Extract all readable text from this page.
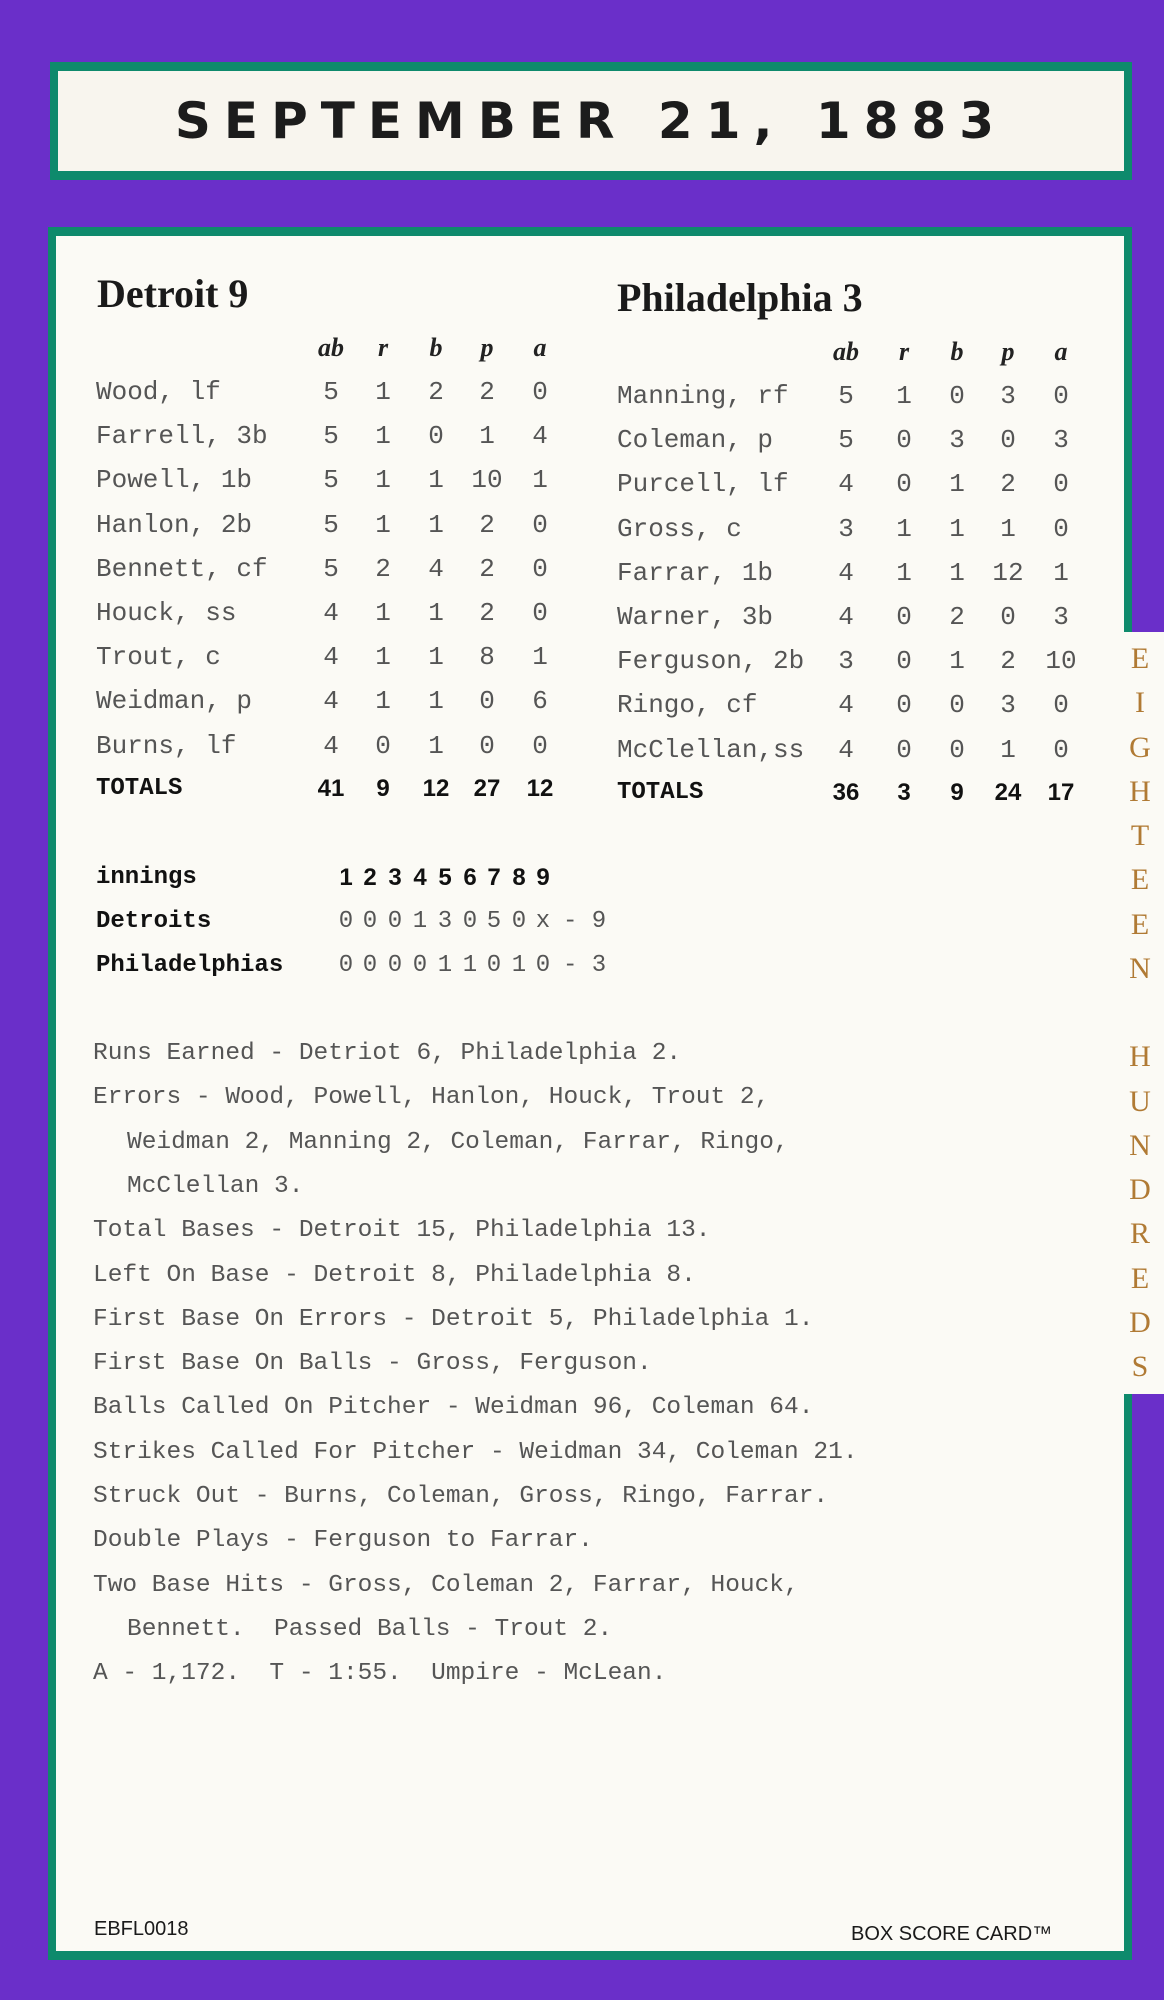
SEPTEMBER 21, 1883
E
I
G
H
T
E
E
N

H
U
N
D
R
E
D
S
Detroit 9	Philadelphia 3
ab	r	b	p	a
Wood, lf	5	1	2	2	0
Farrell, 3b	5	1	0	1	4
Powell, 1b	5	1	1	10	1
Hanlon, 2b	5	1	1	2	0
Bennett, cf	5	2	4	2	0
Houck, ss	4	1	1	2	0
Trout, c	4	1	1	8	1
Weidman, p	4	1	1	0	6
Burns, lf	4	0	1	0	0
TOTALS	41	9	12	27	12
ab	r	b	p	a
Manning, rf	5	1	0	3	0
Coleman, p	5	0	3	0	3
Purcell, lf	4	0	1	2	0
Gross, c	3	1	1	1	0
Farrar, 1b	4	1	1	12	1
Warner, 3b	4	0	2	0	3
Ferguson, 2b	3	0	1	2	10
Ringo, cf	4	0	0	3	0
McClellan,ss	4	0	0	1	0
TOTALS	36	3	9	24	17
innings	1 2 3 4 5 6 7 8 9
Detroits	0 0 0 1 3 0 5 0 x - 9
Philadelphias 0 0 0 0 1 1 0 1 0 - 3
Runs Earned - Detriot 6, Philadelphia 2.
Errors - Wood, Powell, Hanlon, Houck, Trout 2,
Weidman 2, Manning 2, Coleman, Farrar, Ringo,
McClellan 3.
Total Bases - Detroit 15, Philadelphia 13.
Left On Base - Detroit 8, Philadelphia 8.
First Base On Errors - Detroit 5, Philadelphia 1.
First Base On Balls - Gross, Ferguson.
Balls Called On Pitcher - Weidman 96, Coleman 64.
Strikes Called For Pitcher - Weidman 34, Coleman 21.
Struck Out - Burns, Coleman, Gross, Ringo, Farrar.
Double Plays - Ferguson to Farrar.
Two Base Hits - Gross, Coleman 2, Farrar, Houck,
Bennett.  Passed Balls - Trout 2.
A - 1,172.  T - 1:55.  Umpire - McLean.
EBFL0018	BOX SCORE CARD™
